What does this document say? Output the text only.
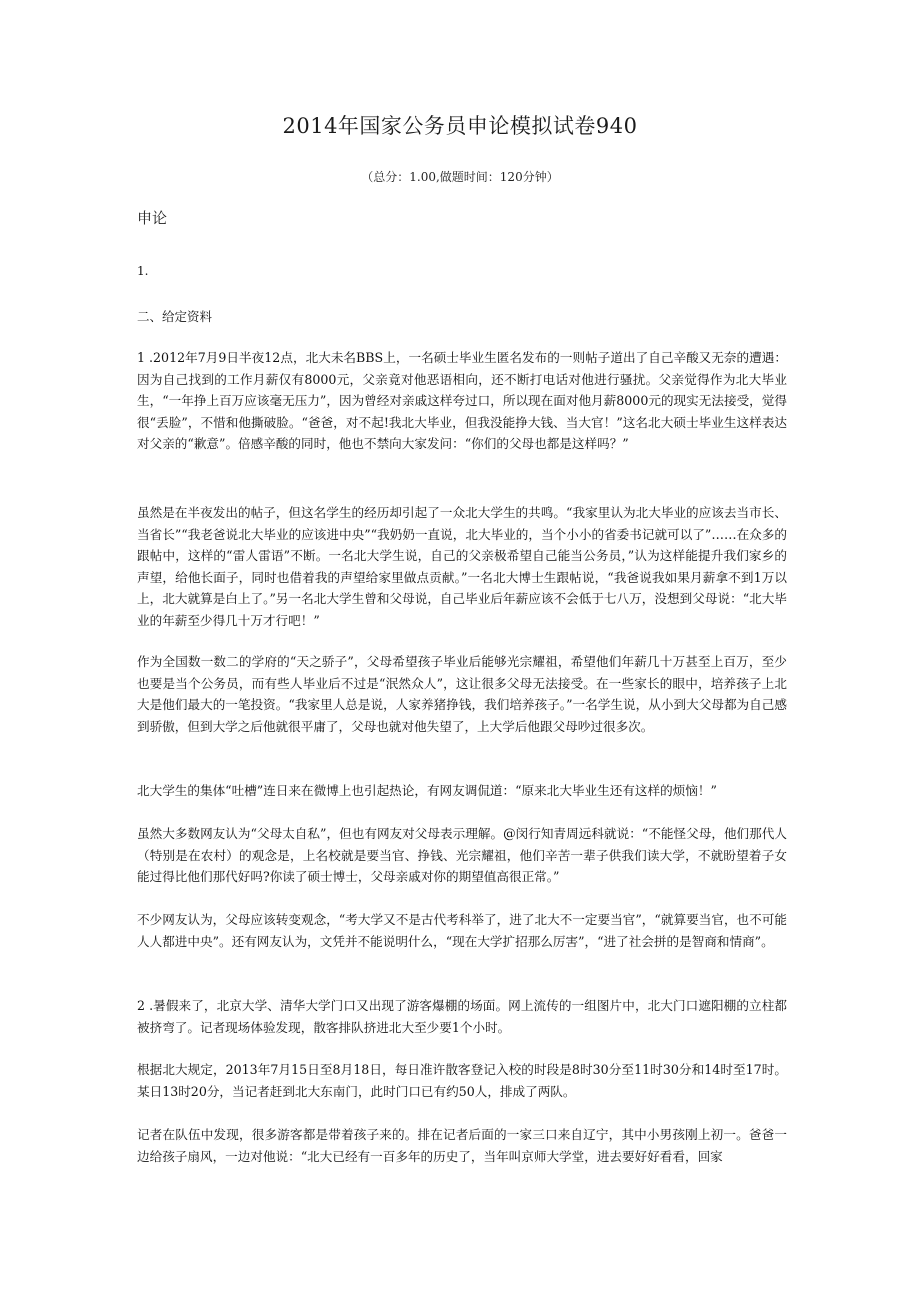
2014年国家公务员申论模拟试卷940
（总分：1.00,做题时间：120分钟）
申论
1.
二、给定资料

1 .2012年7月9日半夜12点，北大未名BBS上，一名硕士毕业生匿名发布的一则帖子道出了自己辛酸又无奈的遭遇：因为自己找到的工作月薪仅有8000元，父亲竟对他恶语相向，还不断打电话对他进行骚扰。父亲觉得作为北大毕业生，“一年挣上百万应该毫无压力”，因为曾经对亲戚这样夸过口，所以现在面对他月薪8000元的现实无法接受，觉得很“丢脸”，不惜和他撕破脸。“爸爸，对不起!我北大毕业，但我没能挣大钱、当大官！”这名北大硕士毕业生这样表达对父亲的“歉意”。倍感辛酸的同时，他也不禁向大家发问：“你们的父母也都是这样吗？”

虽然是在半夜发出的帖子，但这名学生的经历却引起了一众北大学生的共鸣。“我家里认为北大毕业的应该去当市长、当省长”“我老爸说北大毕业的应该进中央”“我奶奶一直说，北大毕业的，当个小小的省委书记就可以了”……在众多的跟帖中，这样的“雷人雷语”不断。一名北大学生说，自己的父亲极希望自己能当公务员，”认为这样能提升我们家乡的声望，给他长面子，同时也借着我的声望给家里做点贡献。”一名北大博士生跟帖说，“我爸说我如果月薪拿不到1万以上，北大就算是白上了。”另一名北大学生曾和父母说，自己毕业后年薪应该不会低于七八万，没想到父母说：“北大毕业的年薪至少得几十万才行吧！”

作为全国数一数二的学府的“天之骄子”，父母希望孩子毕业后能够光宗耀祖，希望他们年薪几十万甚至上百万，至少也要是当个公务员，而有些人毕业后不过是“泯然众人”，这让很多父母无法接受。在一些家长的眼中，培养孩子上北大是他们最大的一笔投资。“我家里人总是说，人家养猪挣钱，我们培养孩子。”一名学生说，从小到大父母都为自己感到骄傲，但到大学之后他就很平庸了，父母也就对他失望了，上大学后他跟父母吵过很多次。

北大学生的集体“吐槽”连日来在微博上也引起热论，有网友调侃道：“原来北大毕业生还有这样的烦恼！”

虽然大多数网友认为“父母太自私”，但也有网友对父母表示理解。@闵行知青周远科就说：“不能怪父母，他们那代人（特别是在农村）的观念是，上名校就是要当官、挣钱、光宗耀祖，他们辛苦一辈子供我们读大学，不就盼望着子女能过得比他们那代好吗?你读了硕士博士，父母亲戚对你的期望值高很正常。”

不少网友认为，父母应该转变观念，“考大学又不是古代考科举了，进了北大不一定要当官”，“就算要当官，也不可能人人都进中央”。还有网友认为，文凭并不能说明什么，“现在大学扩招那么厉害”，“进了社会拼的是智商和情商”。

2 .暑假来了，北京大学、清华大学门口又出现了游客爆棚的场面。网上流传的一组图片中，北大门口遮阳棚的立柱都被挤弯了。记者现场体验发现，散客排队挤进北大至少要1个小时。

根据北大规定，2013年7月15日至8月18日，每日准许散客登记入校的时段是8时30分至11时30分和14时至17时。某日13时20分，当记者赶到北大东南门，此时门口已有约50人，排成了两队。

记者在队伍中发现，很多游客都是带着孩子来的。排在记者后面的一家三口来自辽宁，其中小男孩刚上初一。爸爸一边给孩子扇风，一边对他说：“北大已经有一百多年的历史了，当年叫京师大学堂，进去要好好看看，回家
